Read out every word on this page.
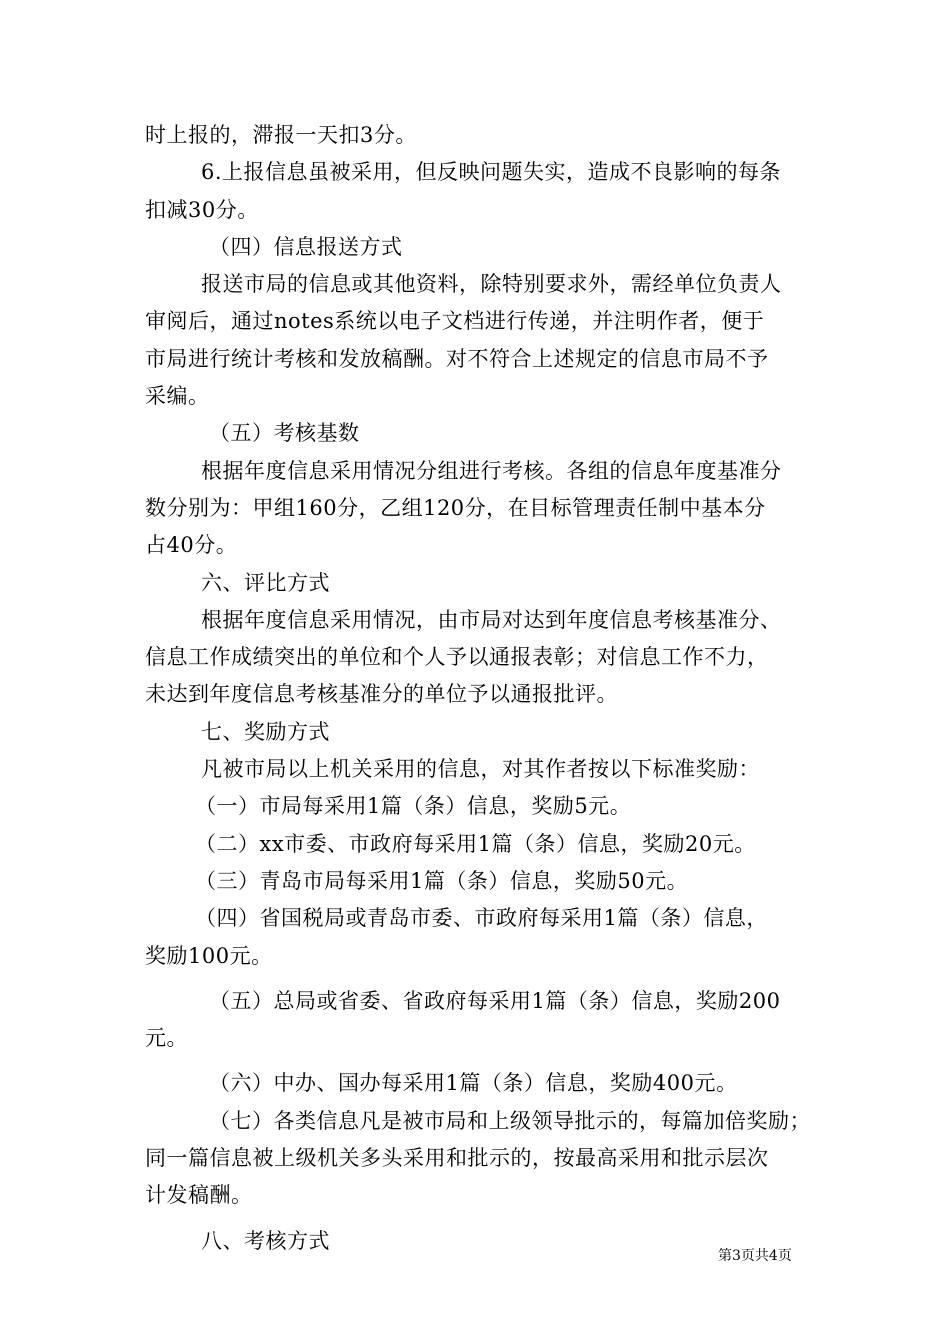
时上报的，滞报一天扣3分。
6.上报信息虽被采用，但反映问题失实，造成不良影响的每条
扣减30分。
（四）信息报送方式
报送市局的信息或其他资料，除特别要求外，需经单位负责人
审阅后，通过notes系统以电子文档进行传递，并注明作者，便于
市局进行统计考核和发放稿酬。对不符合上述规定的信息市局不予
采编。
（五）考核基数
根据年度信息采用情况分组进行考核。各组的信息年度基准分
数分别为：甲组160分，乙组120分，在目标管理责任制中基本分
占40分。
六、评比方式
根据年度信息采用情况，由市局对达到年度信息考核基准分、
信息工作成绩突出的单位和个人予以通报表彰；对信息工作不力，
未达到年度信息考核基准分的单位予以通报批评。
七、奖励方式
凡被市局以上机关采用的信息，对其作者按以下标准奖励：
（一）市局每采用1篇（条）信息，奖励5元。
（二）xx市委、市政府每采用1篇（条）信息，奖励20元。
（三）青岛市局每采用1篇（条）信息，奖励50元。
（四）省国税局或青岛市委、市政府每采用1篇（条）信息，
奖励100元。
（五）总局或省委、省政府每采用1篇（条）信息，奖励200
元。
（六）中办、国办每采用1篇（条）信息，奖励400元。
（七）各类信息凡是被市局和上级领导批示的，每篇加倍奖励；
同一篇信息被上级机关多头采用和批示的，按最高采用和批示层次
计发稿酬。
八、考核方式
第3页共4页
